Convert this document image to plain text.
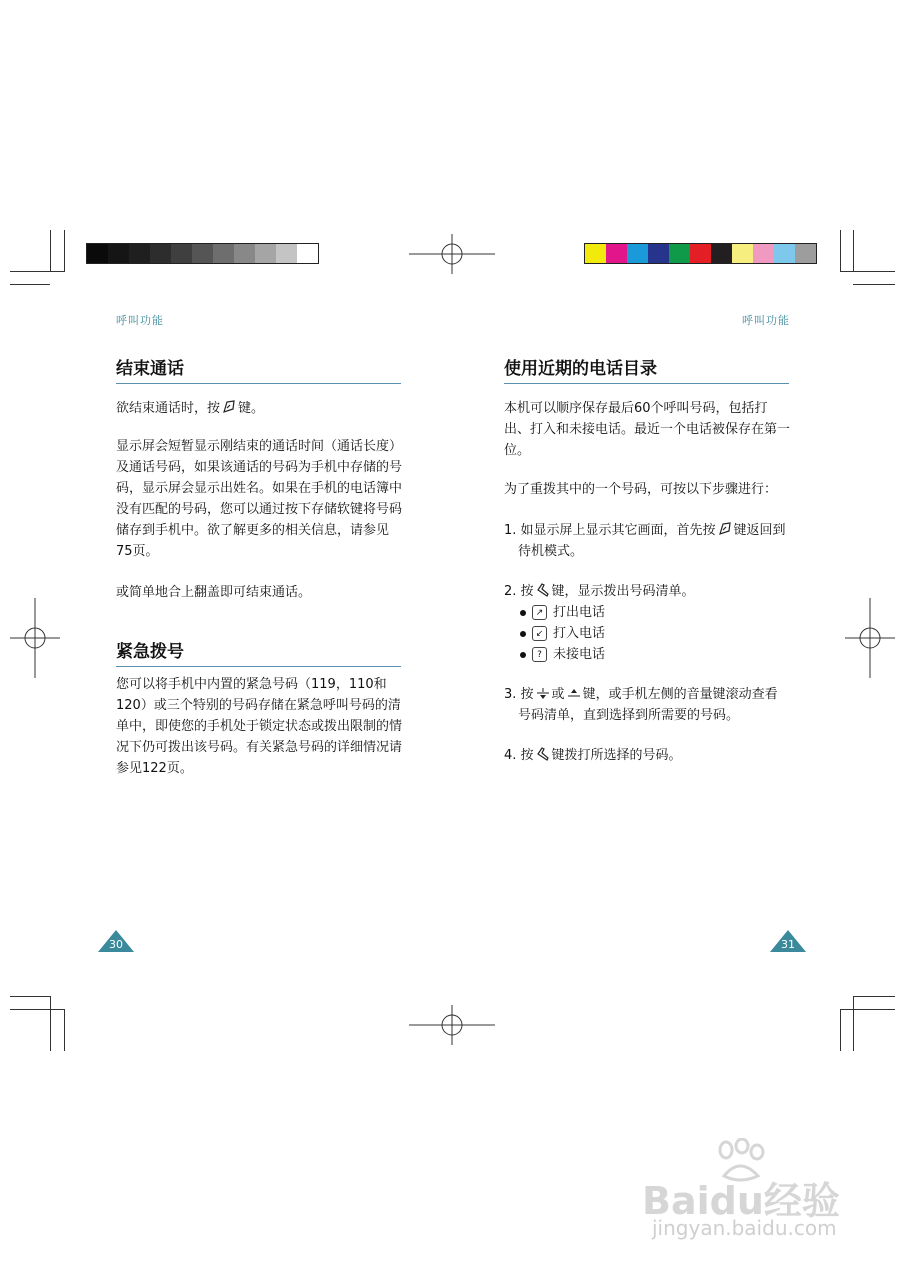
呼叫功能	呼叫功能
结束通话
欲结束通话时，按 键。
显示屏会短暂显示刚结束的通话时间（通话长度）及通话号码，如果该通话的号码为手机中存储的号码，显示屏会显示出姓名。如果在手机的电话簿中没有匹配的号码，您可以通过按下存储软键将号码储存到手机中。欲了解更多的相关信息，请参见75页。
或简单地合上翻盖即可结束通话。
紧急拨号
您可以将手机中内置的紧急号码（119，110和120）或三个特别的号码存储在紧急呼叫号码的清单中，即使您的手机处于锁定状态或拨出限制的情况下仍可拨出该号码。有关紧急号码的详细情况请参见122页。
30
使用近期的电话目录
本机可以顺序保存最后60个呼叫号码，包括打出、打入和未接电话。最近一个电话被保存在第一位。
为了重拨其中的一个号码，可按以下步骤进行：
1. 如显示屏上显示其它画面，首先按 键返回到
待机模式。
2. 按 键，显示拨出号码清单。
↗ 打出电话
↙ 打入电话
? 未接电话
3. 按 或 键，或手机左侧的音量键滚动查看
号码清单，直到选择到所需要的号码。
4. 按 键拨打所选择的号码。
31
Baidu经验
jingyan.baidu.com
